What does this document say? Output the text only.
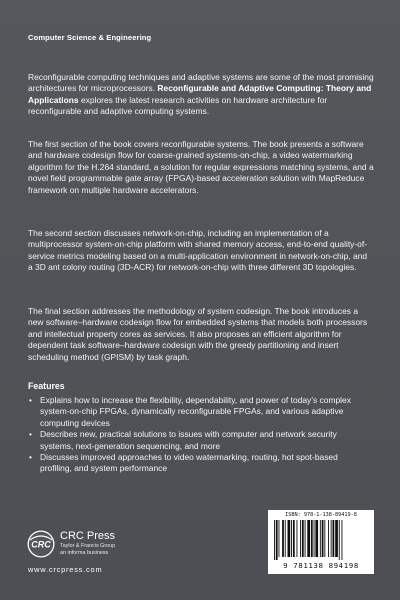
Computer Science & Engineering

Reconfigurable computing techniques and adaptive systems are some of the most promising architectures for microprocessors. Reconfigurable and Adaptive Computing: Theory and Applications explores the latest research activities on hardware architecture for reconfigurable and adaptive computing systems.

The first section of the book covers reconfigurable systems. The book presents a software and hardware codesign flow for coarse-grained systems-on-chip, a video watermarking algorithm for the H.264 standard, a solution for regular expressions matching systems, and a novel field programmable gate array (FPGA)-based acceleration solution with MapReduce framework on multiple hardware accelerators.

The second section discusses network-on-chip, including an implementation of a multiprocessor system-on-chip platform with shared memory access, end-to-end quality-of-service metrics modeling based on a multi-application environment in network-on-chip, and a 3D ant colony routing (3D-ACR) for network-on-chip with three different 3D topologies.

The final section addresses the methodology of system codesign. The book introduces a new software–hardware codesign flow for embedded systems that models both processors and intellectual property cores as services. It also proposes an efficient algorithm for dependent task software–hardware codesign with the greedy partitioning and insert scheduling method (GPISM) by task graph.

Features
• Explains how to increase the flexibility, dependability, and power of today’s complex system-on-chip FPGAs, dynamically reconfigurable FPGAs, and various adaptive computing devices
• Describes new, practical solutions to issues with computer and network security systems, next-generation sequencing, and more
• Discusses improved approaches to video watermarking, routing, hot spot-based profiling, and system performance
CRC
CRC Press
Taylor & Francis Group
an informa business
www.crcpress.com
ISBN: 978-1-138-89419-8
9 781138 894198
